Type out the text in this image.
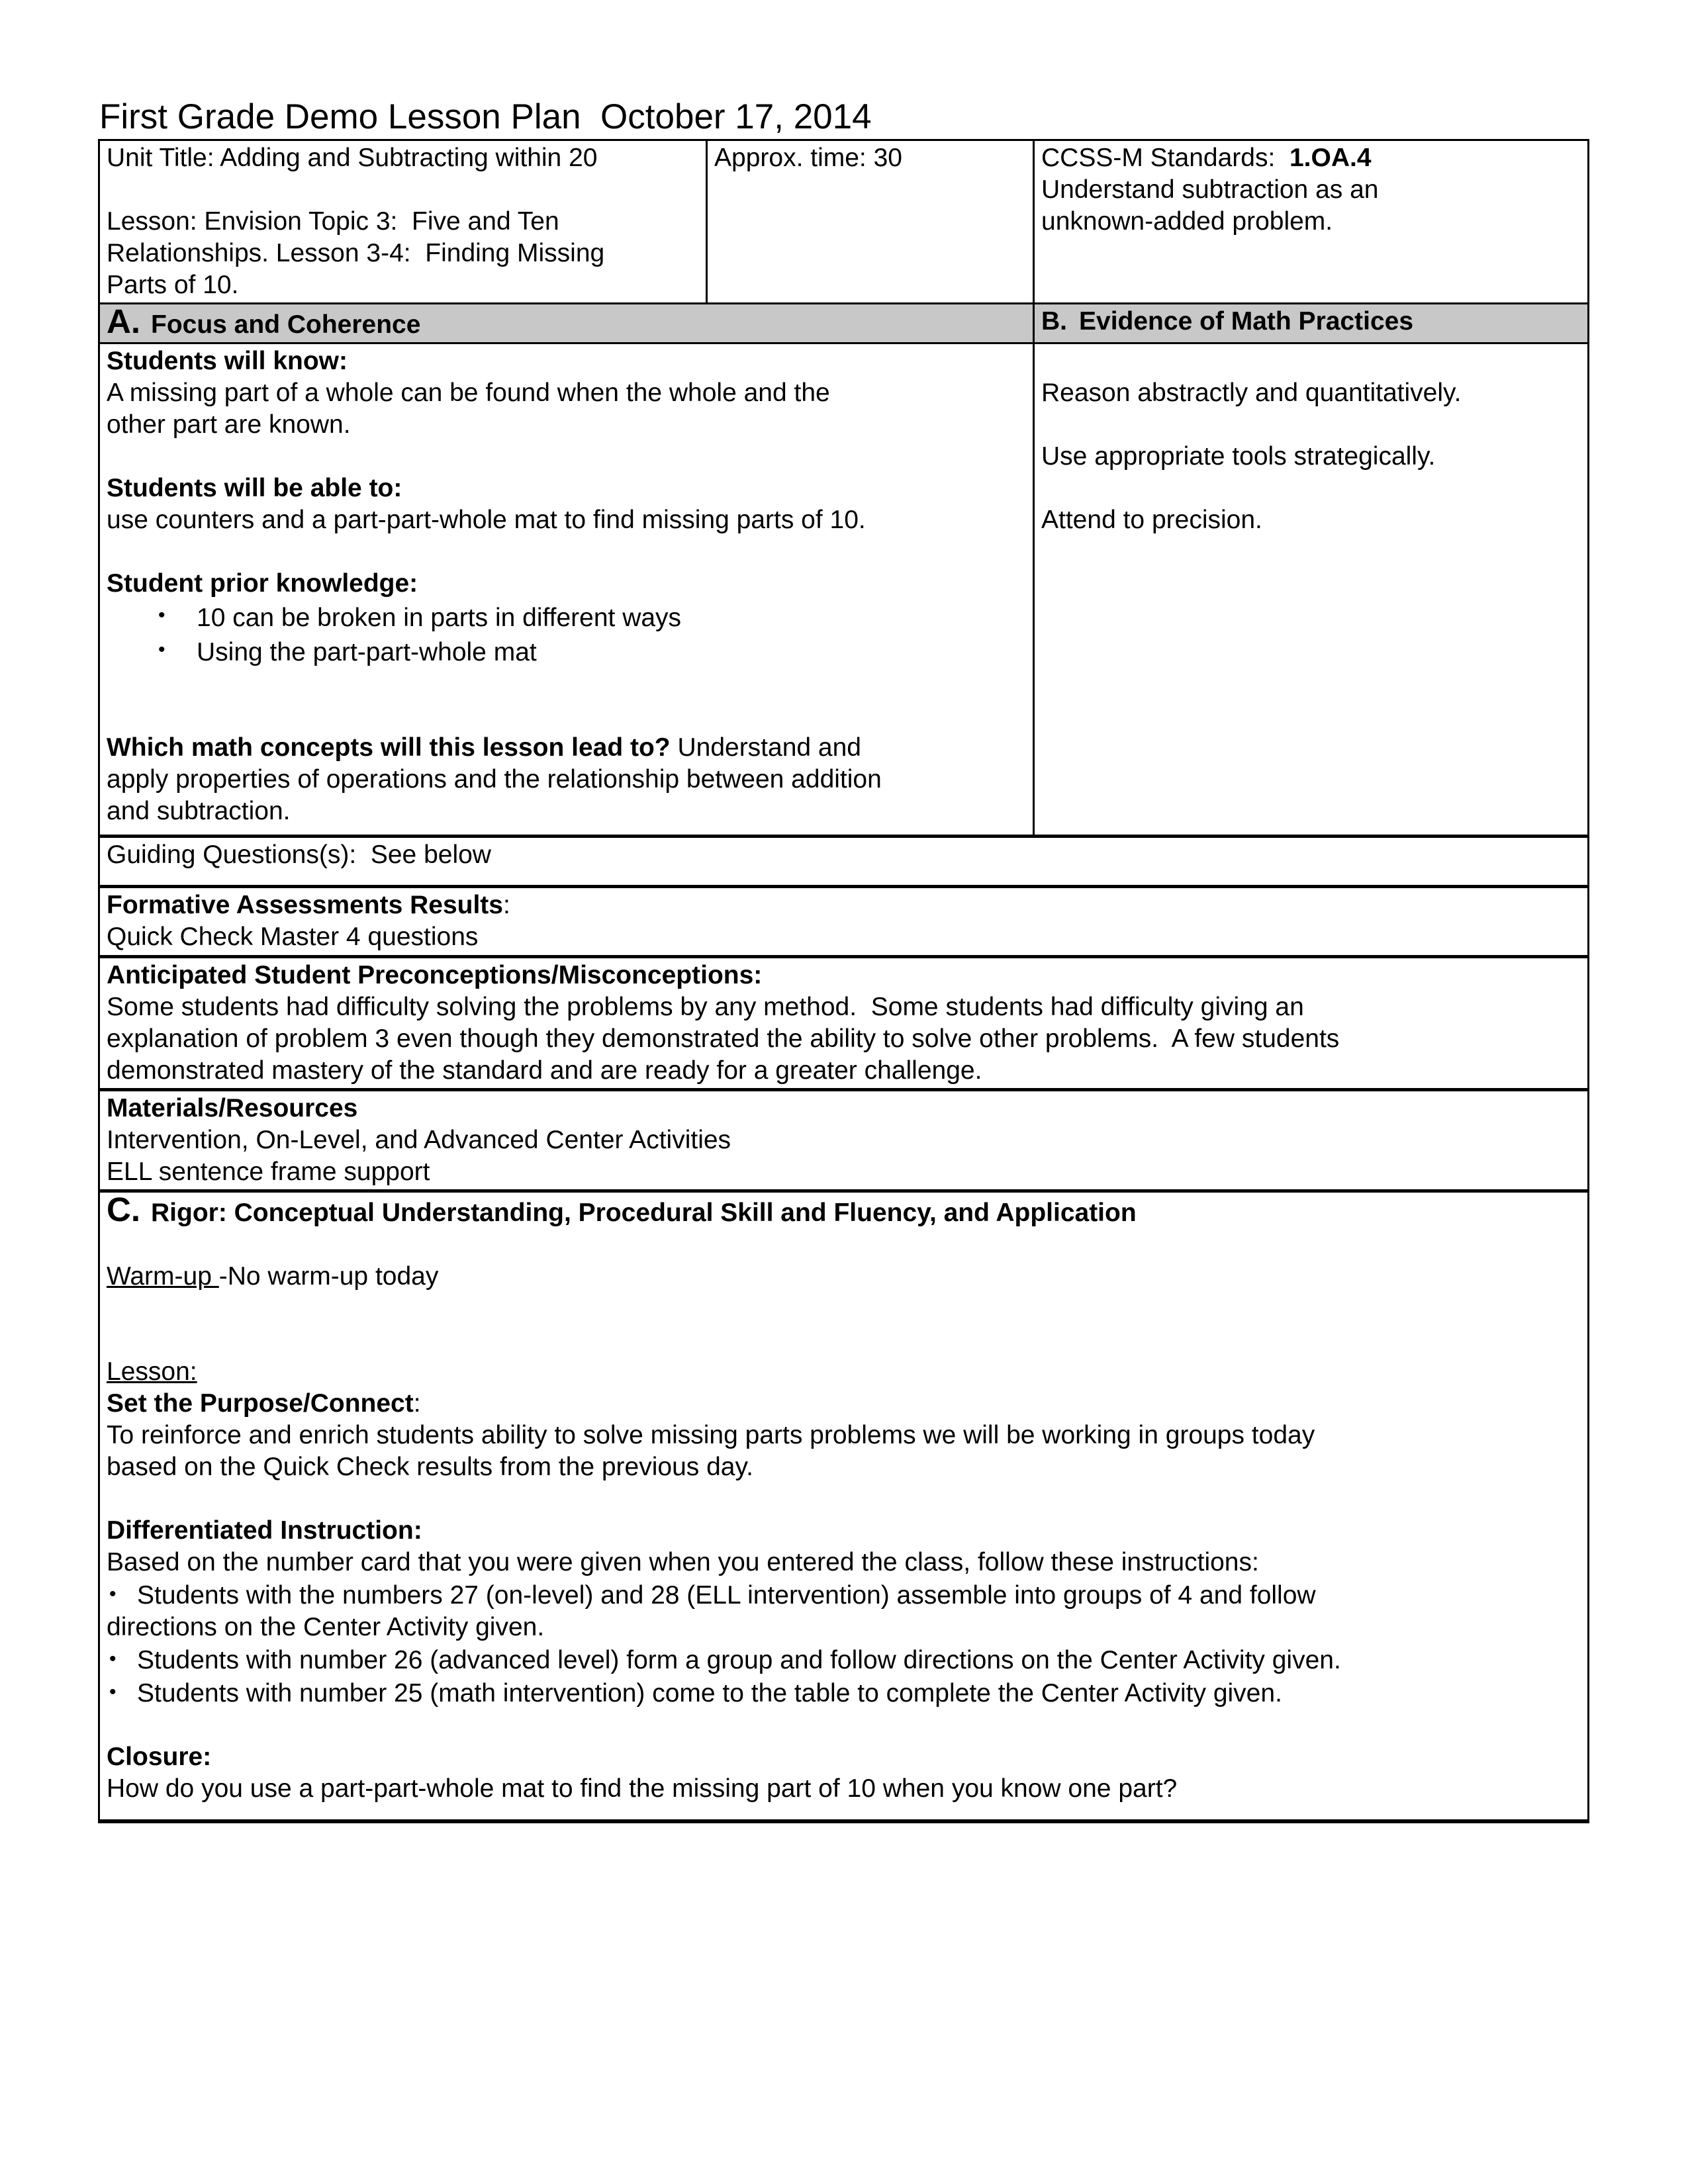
First Grade Demo Lesson Plan  October 17, 2014
Unit Title: Adding and Subtracting within 20
Lesson: Envision Topic 3:  Five and Ten
Relationships. Lesson 3-4:  Finding Missing
Parts of 10.

Approx. time: 30	CCSS-M Standards:  1.OA.4
Understand subtraction as an
unknown-added problem.

A. Focus and Coherence		B. Evidence of Math Practices

Students will know:
A missing part of a whole can be found when the whole and the
other part are known.
Students will be able to:
use counters and a part-part-whole mat to find missing parts of 10.
Student prior knowledge:
• 10 can be broken in parts in different ways
• Using the part-part-whole mat
Which math concepts will this lesson lead to? Understand and
apply properties of operations and the relationship between addition
and subtraction.

Reason abstractly and quantitatively.
Use appropriate tools strategically.
Attend to precision.

Guiding Questions(s):  See below		

Formative Assessments Results:
Quick Check Master 4 questions		

Anticipated Student Preconceptions/Misconceptions:
Some students had difficulty solving the problems by any method.  Some students had difficulty giving an
explanation of problem 3 even though they demonstrated the ability to solve other problems.  A few students
demonstrated mastery of the standard and are ready for a greater challenge.		

Materials/Resources
Intervention, On-Level, and Advanced Center Activities
ELL sentence frame support		

C. Rigor: Conceptual Understanding, Procedural Skill and Fluency, and Application
Warm-up -No warm-up today
Lesson:
Set the Purpose/Connect:
To reinforce and enrich students ability to solve missing parts problems we will be working in groups today
based on the Quick Check results from the previous day.
Differentiated Instruction:
Based on the number card that you were given when you entered the class, follow these instructions:
• Students with the numbers 27 (on-level) and 28 (ELL intervention) assemble into groups of 4 and follow
directions on the Center Activity given.
• Students with number 26 (advanced level) form a group and follow directions on the Center Activity given.
• Students with number 25 (math intervention) come to the table to complete the Center Activity given.
Closure:
How do you use a part-part-whole mat to find the missing part of 10 when you know one part?
